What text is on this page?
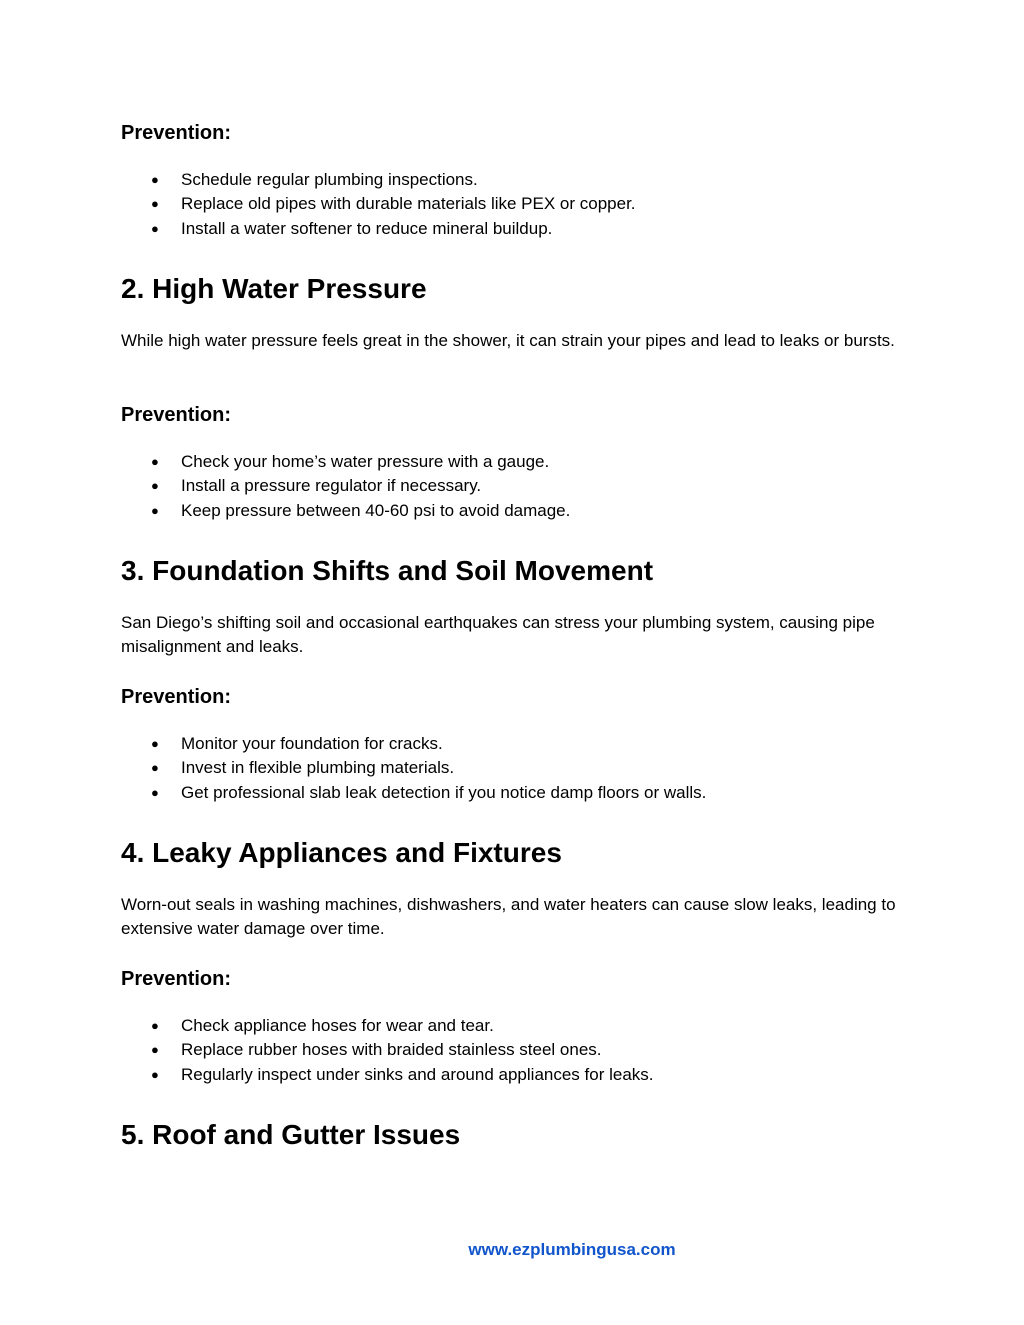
Prevention:
● Schedule regular plumbing inspections.
● Replace old pipes with durable materials like PEX or copper.
● Install a water softener to reduce mineral buildup.
2. High Water Pressure

While high water pressure feels great in the shower, it can strain your pipes and lead to leaks or bursts.

Prevention:
● Check your home’s water pressure with a gauge.
● Install a pressure regulator if necessary.
● Keep pressure between 40-60 psi to avoid damage.
3. Foundation Shifts and Soil Movement

San Diego’s shifting soil and occasional earthquakes can stress your plumbing system, causing pipe misalignment and leaks.

Prevention:
● Monitor your foundation for cracks.
● Invest in flexible plumbing materials.
● Get professional slab leak detection if you notice damp floors or walls.
4. Leaky Appliances and Fixtures

Worn-out seals in washing machines, dishwashers, and water heaters can cause slow leaks, leading to extensive water damage over time.

Prevention:
● Check appliance hoses for wear and tear.
● Replace rubber hoses with braided stainless steel ones.
● Regularly inspect under sinks and around appliances for leaks.
5. Roof and Gutter Issues
www.ezplumbingusa.com
